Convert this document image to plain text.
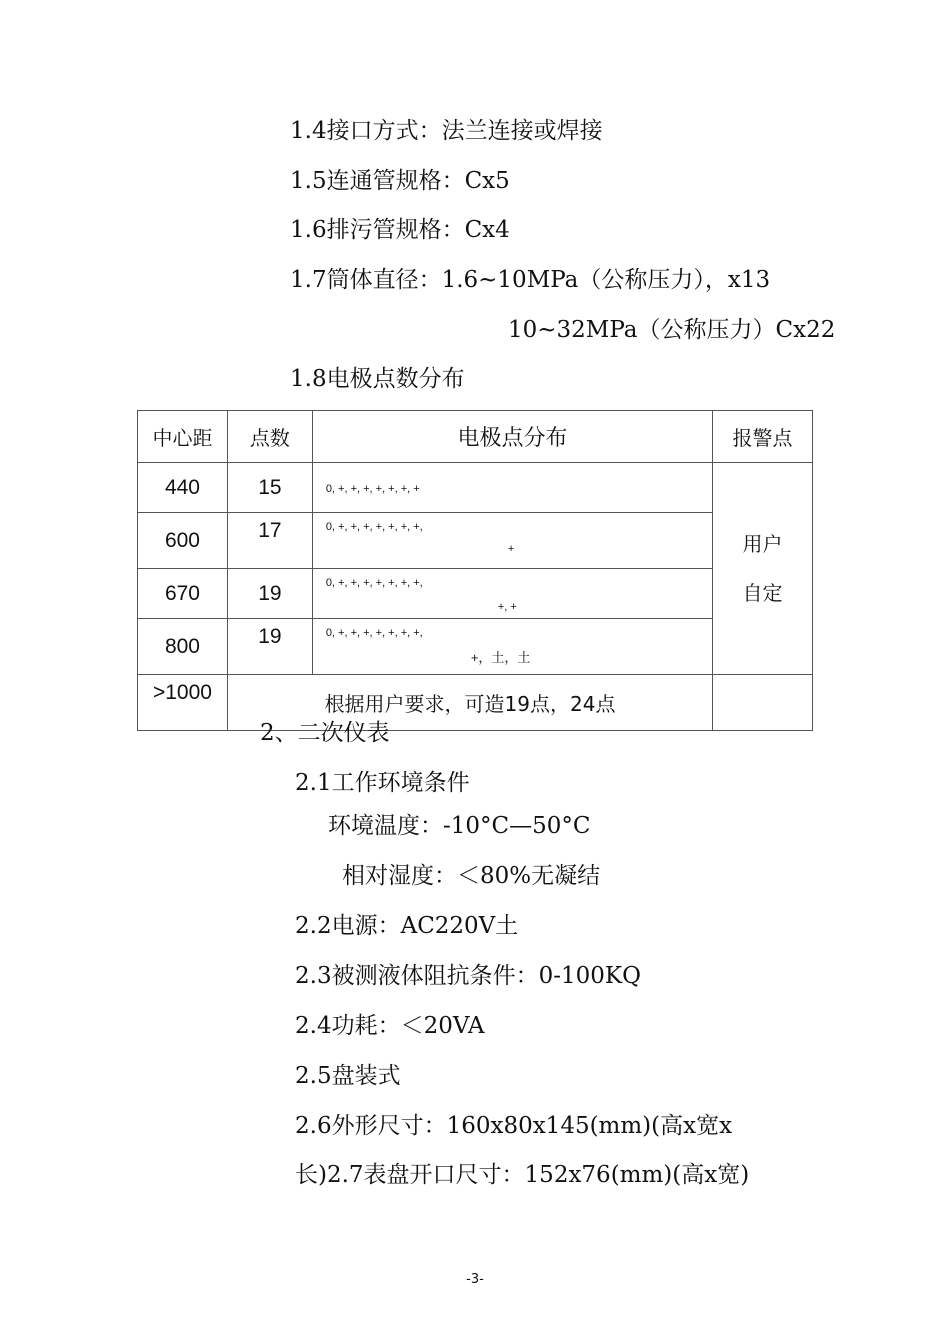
1.4接口方式：法兰连接或焊接
1.5连通管规格：Cx5
1.6排污管规格：Cx4
1.7筒体直径：1.6~10MPa（公称压力），x13
10~32MPa（公称压力）Cx22
1.8电极点数分布
中心距	点数	电极点分布	报警点
440	15	0, +, +, +, +, +, +, +	用户
自定

600	17	0, +, +, +, +, +, +, +,
+	

670	19	0, +, +, +, +, +, +, +,
+, +	

800	19	0, +, +, +, +, +, +, +,
+，土，土	

>1000	根据用户要求，可造19点，24点		
2、二次仪表
2.1工作环境条件
环境温度：-10°C—50°C
相对湿度：＜80%无凝结
2.2电源：AC220V土
2.3被测液体阻抗条件：0-100KQ
2.4功耗：＜20VA
2.5盘装式
2.6外形尺寸：160x80x145(mm)(高x宽x
长)2.7表盘开口尺寸：152x76(mm)(高x宽)
-3-
